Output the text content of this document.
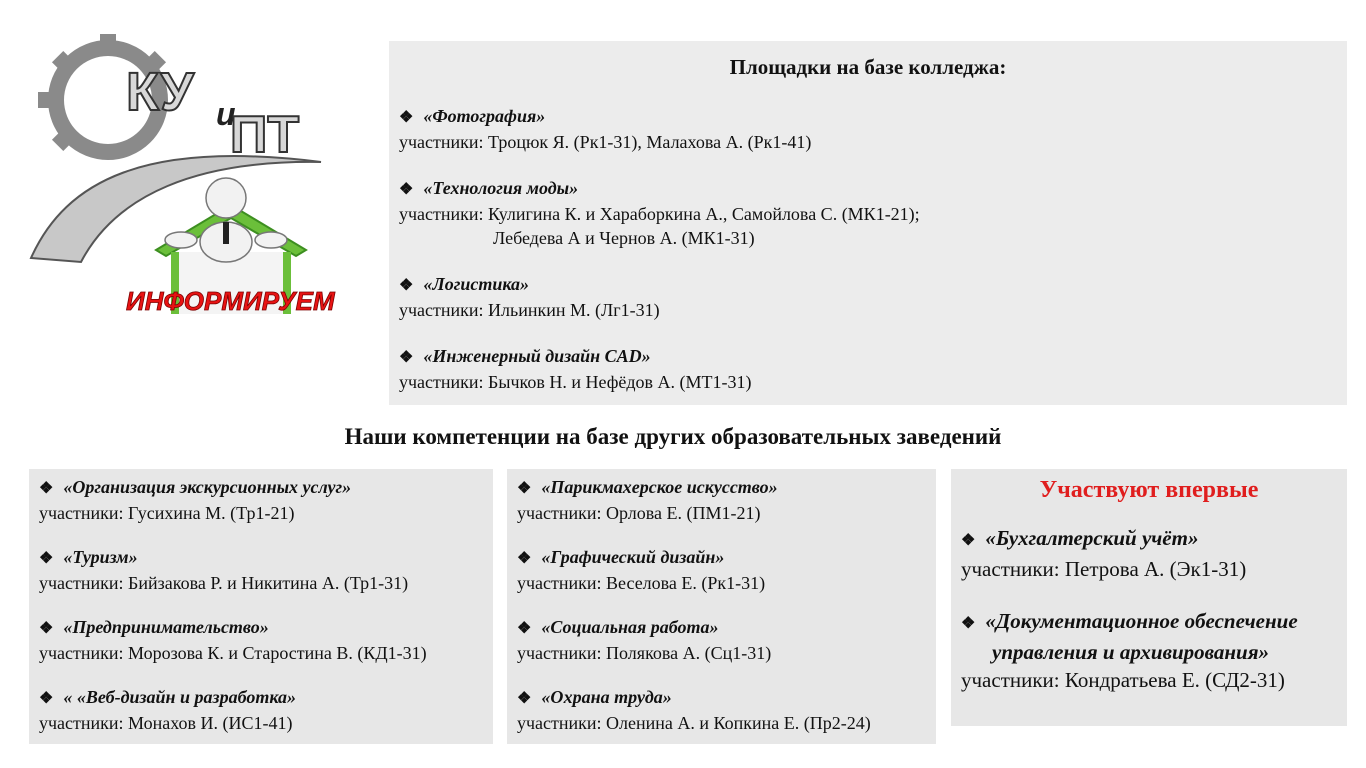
КУ и
ПТ
ИНФОРМИРУЕМ
Площадки на базе колледжа:
❖ «Фотография»
участники: Троцюк Я. (Рк1-31), Малахова А. (Рк1-41)
❖ «Технология моды»
участники: Кулигина К. и Хараборкина А., Самойлова С. (МК1-21);
Лебедева А и Чернов А. (МК1-31)
❖ «Логистика»
участники: Ильинкин М. (Лг1-31)
❖ «Инженерный дизайн CAD»
участники: Бычков Н. и Нефёдов А. (МТ1-31)
Наши компетенции на базе других образовательных заведений
❖ «Организация экскурсионных услуг»
участники: Гусихина М. (Тр1-21)
❖ «Туризм»
участники: Бийзакова Р. и Никитина А. (Тр1-31)
❖ «Предпринимательство»
участники: Морозова К. и Старостина В. (КД1-31)
❖ « «Веб-дизайн и разработка»
участники: Монахов И. (ИС1-41)
❖ «Парикмахерское искусство»
участники: Орлова Е. (ПМ1-21)
❖ «Графический дизайн»
участники: Веселова Е. (Рк1-31)
❖ «Социальная работа»
участники: Полякова А. (Сц1-31)
❖ «Охрана труда»
участники: Оленина А. и Копкина Е. (Пр2-24)
Участвуют впервые
❖ «Бухгалтерский учёт»
участники: Петрова А. (Эк1-31)
❖ «Документационное обеспечение управления и архивирования»
участники: Кондратьева Е. (СД2-31)
